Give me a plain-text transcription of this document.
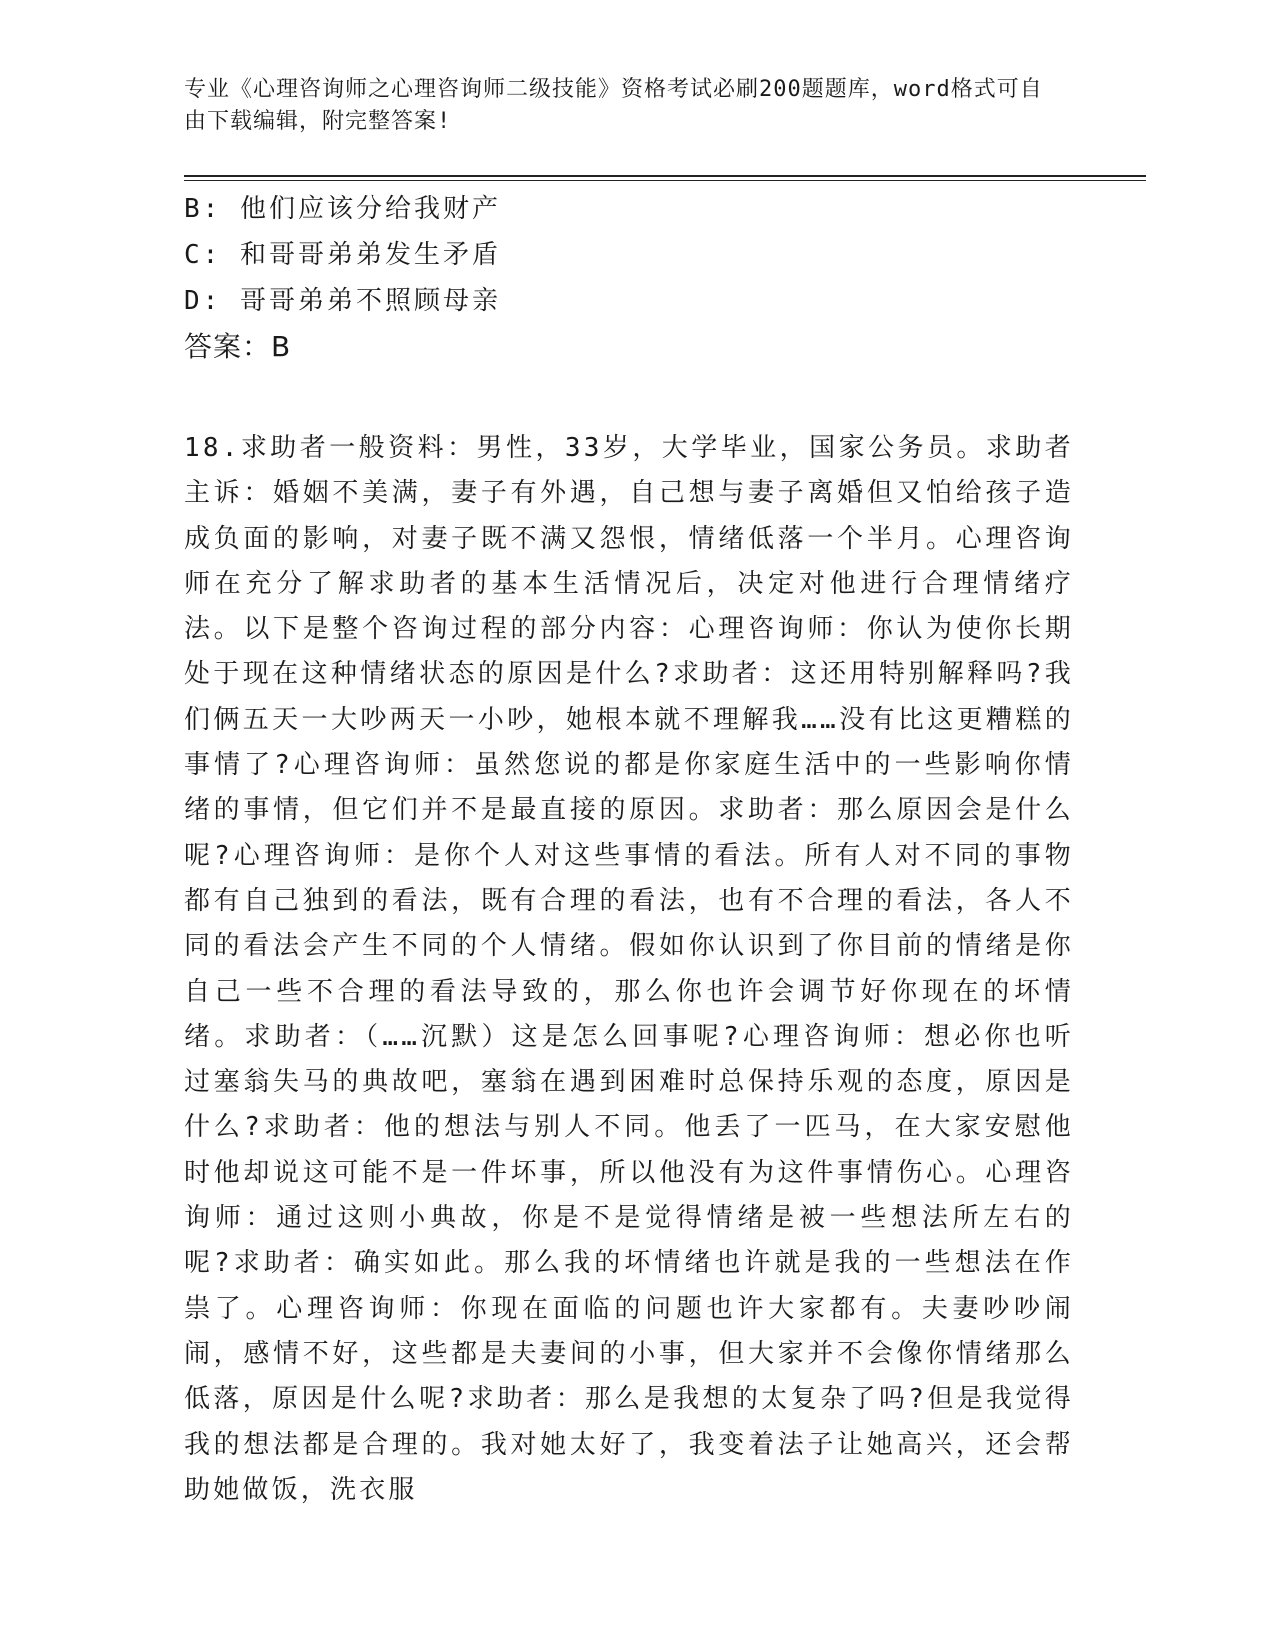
专业《心理咨询师之心理咨询师二级技能》资格考试必刷200题题库，word格式可自由下载编辑，附完整答案!
B: 他们应该分给我财产
C: 和哥哥弟弟发生矛盾
D: 哥哥弟弟不照顾母亲
答案：B
18.求助者一般资料：男性，33岁，大学毕业，国家公务员。求助者主诉：婚姻不美满，妻子有外遇，自己想与妻子离婚但又怕给孩子造成负面的影响，对妻子既不满又怨恨，情绪低落一个半月。心理咨询师在充分了解求助者的基本生活情况后，决定对他进行合理情绪疗法。以下是整个咨询过程的部分内容：心理咨询师：你认为使你长期处于现在这种情绪状态的原因是什么?求助者：这还用特别解释吗?我们俩五天一大吵两天一小吵，她根本就不理解我……没有比这更糟糕的事情了?心理咨询师：虽然您说的都是你家庭生活中的一些影响你情绪的事情，但它们并不是最直接的原因。求助者：那么原因会是什么呢?心理咨询师：是你个人对这些事情的看法。所有人对不同的事物都有自己独到的看法，既有合理的看法，也有不合理的看法，各人不同的看法会产生不同的个人情绪。假如你认识到了你目前的情绪是你自己一些不合理的看法导致的，那么你也许会调节好你现在的坏情绪。求助者：（……沉默）这是怎么回事呢?心理咨询师：想必你也听过塞翁失马的典故吧，塞翁在遇到困难时总保持乐观的态度，原因是什么?求助者：他的想法与别人不同。他丢了一匹马，在大家安慰他时他却说这可能不是一件坏事，所以他没有为这件事情伤心。心理咨询师：通过这则小典故，你是不是觉得情绪是被一些想法所左右的呢?求助者：确实如此。那么我的坏情绪也许就是我的一些想法在作祟了。心理咨询师：你现在面临的问题也许大家都有。夫妻吵吵闹闹，感情不好，这些都是夫妻间的小事，但大家并不会像你情绪那么低落，原因是什么呢?求助者：那么是我想的太复杂了吗?但是我觉得我的想法都是合理的。我对她太好了，我变着法子让她高兴，还会帮助她做饭，洗衣服
